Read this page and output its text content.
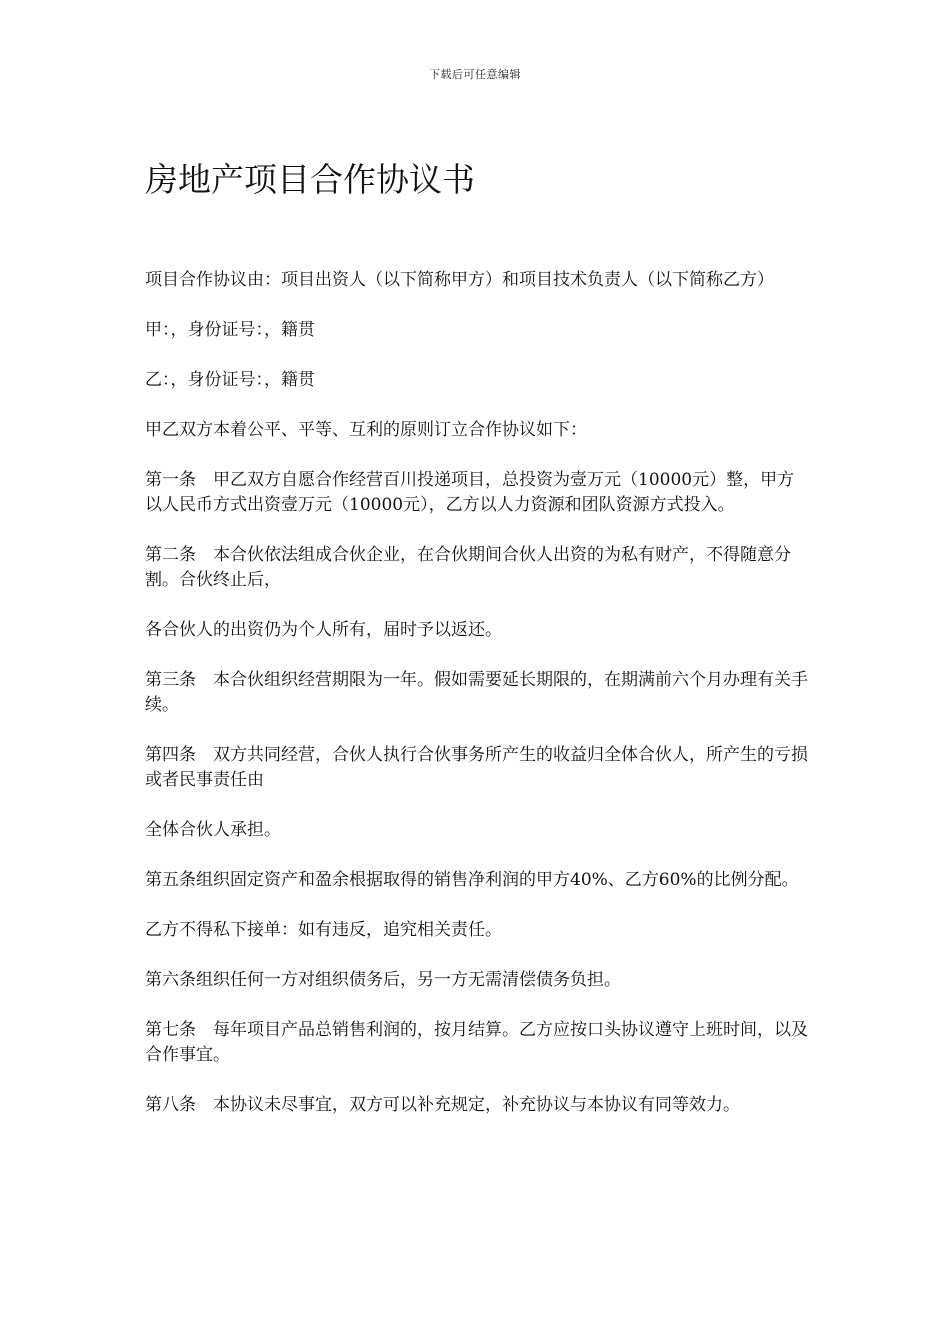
下载后可任意编辑
房地产项目合作协议书

项目合作协议由：项目出资人（以下简称甲方）和项目技术负责人（以下简称乙方）

甲：，身份证号：，籍贯

乙：，身份证号：，籍贯

甲乙双方本着公平、平等、互利的原则订立合作协议如下：

第一条　甲乙双方自愿合作经营百川投递项目，总投资为壹万元（10000元）整，甲方以人民币方式出资壹万元（10000元），乙方以人力资源和团队资源方式投入。

第二条　本合伙依法组成合伙企业，在合伙期间合伙人出资的为私有财产，不得随意分割。合伙终止后，

各合伙人的出资仍为个人所有，届时予以返还。

第三条　本合伙组织经营期限为一年。假如需要延长期限的，在期满前六个月办理有关手续。

第四条　双方共同经营，合伙人执行合伙事务所产生的收益归全体合伙人，所产生的亏损或者民事责任由

全体合伙人承担。

第五条组织固定资产和盈余根据取得的销售净利润的甲方40%、乙方60%的比例分配。

乙方不得私下接单：如有违反，追究相关责任。

第六条组织任何一方对组织债务后，另一方无需清偿债务负担。

第七条　每年项目产品总销售利润的，按月结算。乙方应按口头协议遵守上班时间，以及合作事宜。

第八条　本协议未尽事宜，双方可以补充规定，补充协议与本协议有同等效力。
